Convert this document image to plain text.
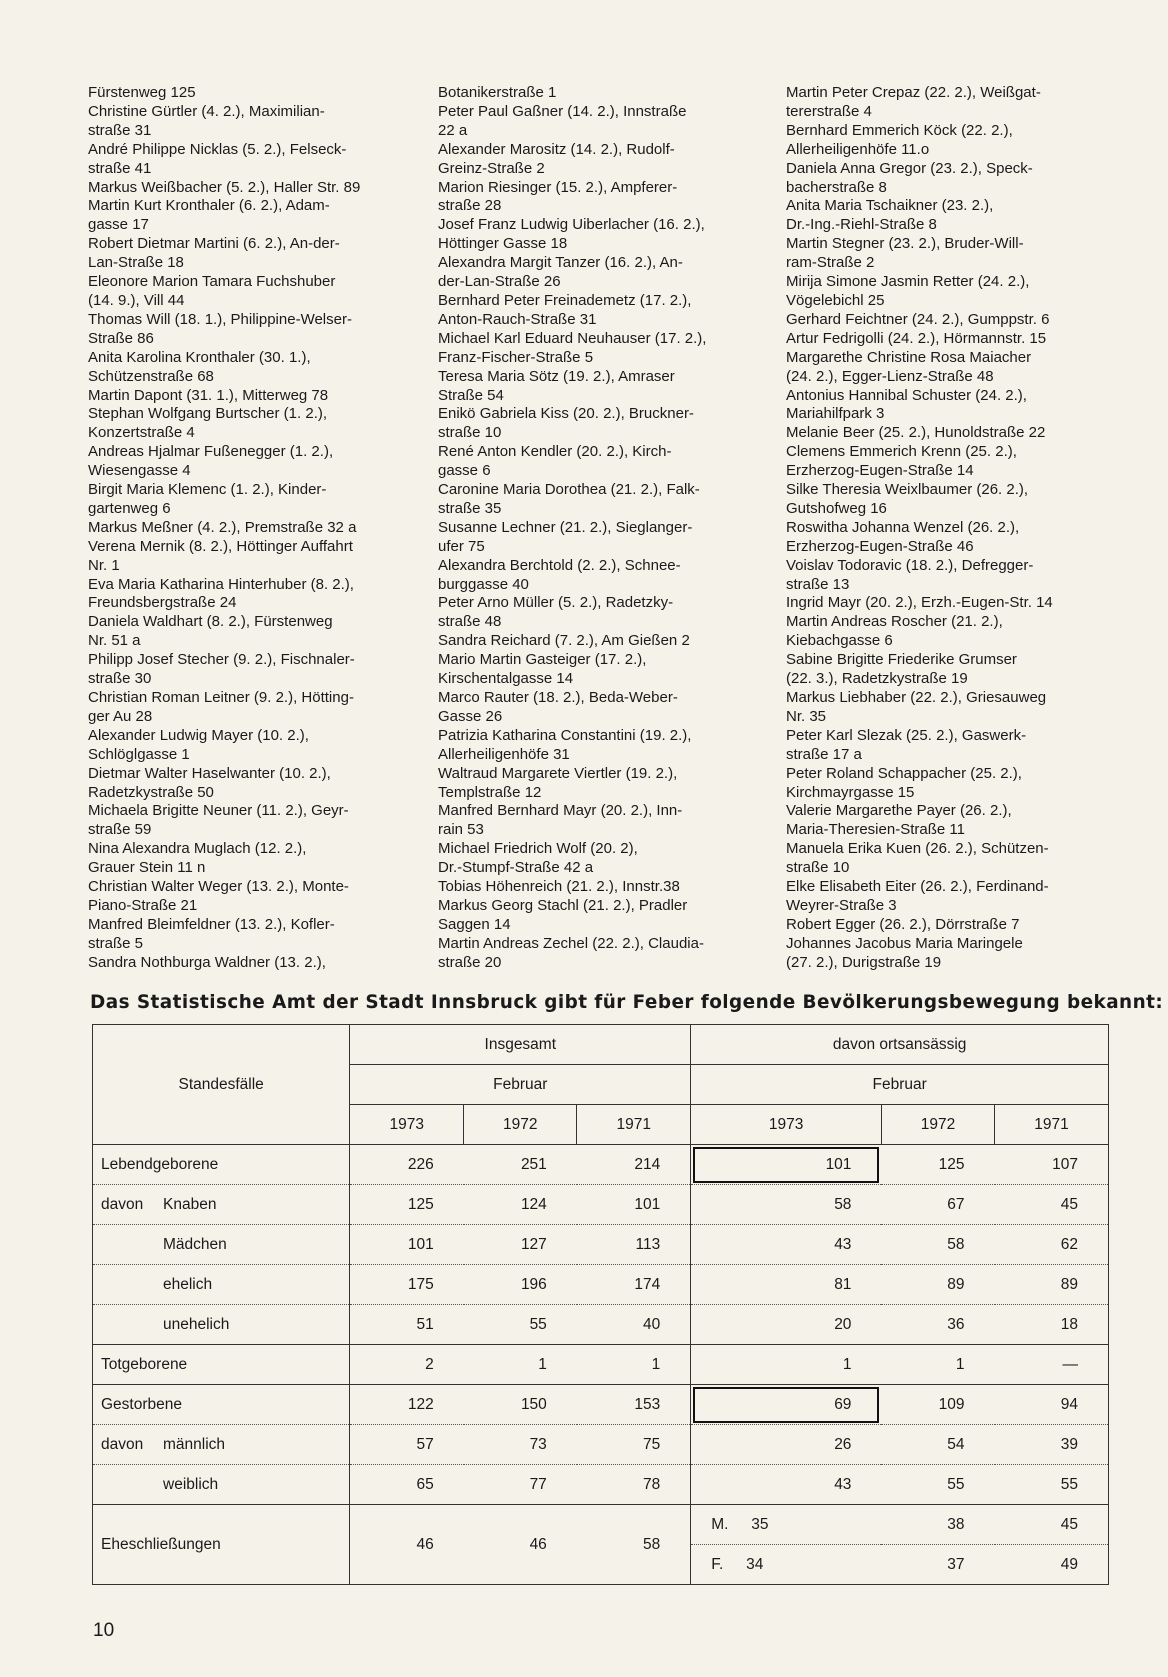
Fürstenweg 125
Christine Gürtler (4. 2.), Maximilian-
straße 31
André Philippe Nicklas (5. 2.), Felseck-
straße 41
Markus Weißbacher (5. 2.), Haller Str. 89
Martin Kurt Kronthaler (6. 2.), Adam-
gasse 17
Robert Dietmar Martini (6. 2.), An-der-
Lan-Straße 18
Eleonore Marion Tamara Fuchshuber
(14. 9.), Vill 44
Thomas Will (18. 1.), Philippine-Welser-
Straße 86
Anita Karolina Kronthaler (30. 1.),
Schützenstraße 68
Martin Dapont (31. 1.), Mitterweg 78
Stephan Wolfgang Burtscher (1. 2.),
Konzertstraße 4
Andreas Hjalmar Fußenegger (1. 2.),
Wiesengasse 4
Birgit Maria Klemenc (1. 2.), Kinder-
gartenweg 6
Markus Meßner (4. 2.), Premstraße 32 a
Verena Mernik (8. 2.), Höttinger Auffahrt
Nr. 1
Eva Maria Katharina Hinterhuber (8. 2.),
Freundsbergstraße 24
Daniela Waldhart (8. 2.), Fürstenweg
Nr. 51 a
Philipp Josef Stecher (9. 2.), Fischnaler-
straße 30
Christian Roman Leitner (9. 2.), Hötting-
ger Au 28
Alexander Ludwig Mayer (10. 2.),
Schlöglgasse 1
Dietmar Walter Haselwanter (10. 2.),
Radetzkystraße 50
Michaela Brigitte Neuner (11. 2.), Geyr-
straße 59
Nina Alexandra Muglach (12. 2.),
Grauer Stein 11 n
Christian Walter Weger (13. 2.), Monte-
Piano-Straße 21
Manfred Bleimfeldner (13. 2.), Kofler-
straße 5
Sandra Nothburga Waldner (13. 2.),
Botanikerstraße 1
Peter Paul Gaßner (14. 2.), Innstraße
22 a
Alexander Marositz (14. 2.), Rudolf-
Greinz-Straße 2
Marion Riesinger (15. 2.), Ampferer-
straße 28
Josef Franz Ludwig Uiberlacher (16. 2.),
Höttinger Gasse 18
Alexandra Margit Tanzer (16. 2.), An-
der-Lan-Straße 26
Bernhard Peter Freinademetz (17. 2.),
Anton-Rauch-Straße 31
Michael Karl Eduard Neuhauser (17. 2.),
Franz-Fischer-Straße 5
Teresa Maria Sötz (19. 2.), Amraser
Straße 54
Enikö Gabriela Kiss (20. 2.), Bruckner-
straße 10
René Anton Kendler (20. 2.), Kirch-
gasse 6
Caronine Maria Dorothea (21. 2.), Falk-
straße 35
Susanne Lechner (21. 2.), Sieglanger-
ufer 75
Alexandra Berchtold (2. 2.), Schnee-
burggasse 40
Peter Arno Müller (5. 2.), Radetzky-
straße 48
Sandra Reichard (7. 2.), Am Gießen 2
Mario Martin Gasteiger (17. 2.),
Kirschentalgasse 14
Marco Rauter (18. 2.), Beda-Weber-
Gasse 26
Patrizia Katharina Constantini (19. 2.),
Allerheiligenhöfe 31
Waltraud Margarete Viertler (19. 2.),
Templstraße 12
Manfred Bernhard Mayr (20. 2.), Inn-
rain 53
Michael Friedrich Wolf (20. 2),
Dr.-Stumpf-Straße 42 a
Tobias Höhenreich (21. 2.), Innstr.38
Markus Georg Stachl (21. 2.), Pradler
Saggen 14
Martin Andreas Zechel (22. 2.), Claudia-
straße 20
Martin Peter Crepaz (22. 2.), Weißgat-
tererstraße 4
Bernhard Emmerich Köck (22. 2.),
Allerheiligenhöfe 11.o
Daniela Anna Gregor (23. 2.), Speck-
bacherstraße 8
Anita Maria Tschaikner (23. 2.),
Dr.-Ing.-Riehl-Straße 8
Martin Stegner (23. 2.), Bruder-Will-
ram-Straße 2
Mirija Simone Jasmin Retter (24. 2.),
Vögelebichl 25
Gerhard Feichtner (24. 2.), Gumppstr. 6
Artur Fedrigolli (24. 2.), Hörmannstr. 15
Margarethe Christine Rosa Maiacher
(24. 2.), Egger-Lienz-Straße 48
Antonius Hannibal Schuster (24. 2.),
Mariahilfpark 3
Melanie Beer (25. 2.), Hunoldstraße 22
Clemens Emmerich Krenn (25. 2.),
Erzherzog-Eugen-Straße 14
Silke Theresia Weixlbaumer (26. 2.),
Gutshofweg 16
Roswitha Johanna Wenzel (26. 2.),
Erzherzog-Eugen-Straße 46
Voislav Todoravic (18. 2.), Defregger-
straße 13
Ingrid Mayr (20. 2.), Erzh.-Eugen-Str. 14
Martin Andreas Roscher (21. 2.),
Kiebachgasse 6
Sabine Brigitte Friederike Grumser
(22. 3.), Radetzkystraße 19
Markus Liebhaber (22. 2.), Griesauweg
Nr. 35
Peter Karl Slezak (25. 2.), Gaswerk-
straße 17 a
Peter Roland Schappacher (25. 2.),
Kirchmayrgasse 15
Valerie Margarethe Payer (26. 2.),
Maria-Theresien-Straße 11
Manuela Erika Kuen (26. 2.), Schützen-
straße 10
Elke Elisabeth Eiter (26. 2.), Ferdinand-
Weyrer-Straße 3
Robert Egger (26. 2.), Dörrstraße 7
Johannes Jacobus Maria Maringele
(27. 2.), Durigstraße 19
Das Statistische Amt der Stadt Innsbruck gibt für Feber folgende Bevölkerungsbewegung bekannt:
Standesfälle	Insgesamt			davon ortsansässig		
	Februar			Februar		
	1973	1972	1971	1973	1972	1971
Lebendgeborene	226	251	214	101	125	107
davon Knaben	125	124	101	58	67	45
Mädchen	101	127	113	43	58	62
ehelich	175	196	174	81	89	89
unehelich	51	55	40	20	36	18
Totgeborene	2	1	1	1	1	—
Gestorbene	122	150	153	69	109	94
davon männlich	57	73	75	26	54	39
weiblich	65	77	78	43	55	55
Eheschließungen	46	46	58	M. 35	38	45
				F. 34	37	49
10
